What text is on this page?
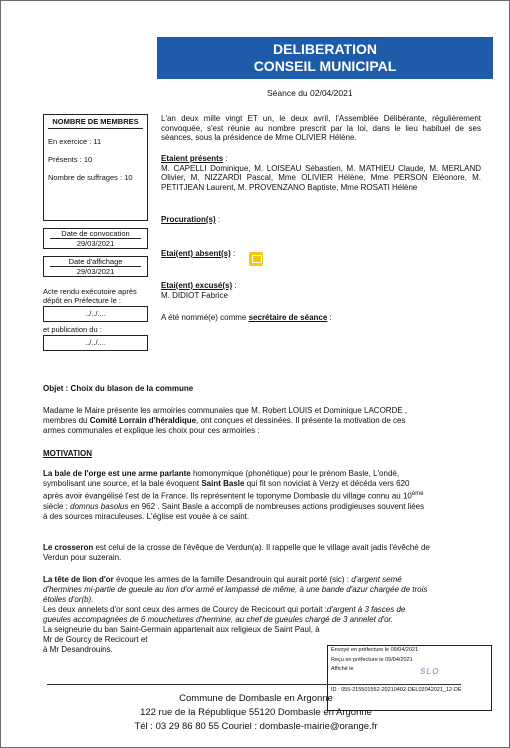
DELIBERATION
CONSEIL MUNICIPAL
Séance du 02/04/2021
NOMBRE DE MEMBRES
En exercice : 11
Présents : 10
Nombre de suffrages : 10
Date de convocation
29/03/2021
Date d'affichage
29/03/2021
Acte rendu exécutoire après dépôt en Préfecture le :
../../....
et publication du :
../../....
L'an deux mille vingt ET un, le deux avril, l'Assemblée Délibérante, régulièrement convoquée, s'est réunie au nombre prescrit par la loi, dans le lieu habituel de ses séances, sous la présidence de Mme OLIVIER Hélène.
Etaient présents :
M. CAPELLI Dominique, M. LOISEAU Sébastien, M. MATHIEU Claude, M. MERLAND Olivier, M. NIZZARDI Pascal, Mme OLIVIER Hélène, Mme PERSON Eléonore, M. PETITJEAN Laurent, M. PROVENZANO Baptiste, Mme ROSATI Hélène
Procuration(s) :
Etai(ent) absent(s) :
Etai(ent) excusé(s) :
M. DIDIOT Fabrice
A été nommé(e) comme secrétaire de séance :
Objet : Choix du blason de la commune
Madame le Maire présente les armoiries communales que M. Robert LOUIS et Dominique LACORDE ,
membres du Comité Lorrain d'héraldique, ont conçues et dessinées. Il présente la motivation de ces
armes communales et explique les choix pour ces armoiries :
MOTIVATION
La bale de l'orge est une arme parlante homonymique (phonétique) pour le prénom Basle, L'ondé,
symbolisant une source, et la bale évoquent Saint Basle qui fit son noviciat à Verzy et décéda vers 620
après avoir évangélisé l'est de la France. Ils représentent le toponyme Dombasle du village connu au 10ème
siècle : domnus basolus en 962 . Saint Basle a accompli de nombreuses actions prodigieuses souvent liées
à des sources miraculeuses. L'église est vouée à ce saint.
Le crosseron est celui de la crosse de l'évêque de Verdun(a). Il rappelle que le village avait jadis l'évêché de
Verdun pour suzerain.
La tête de lion d'or évoque les armes de la famille Desandrouin qui aurait porté (sic) : d'argent semé
d'hermines mi-partie de gueule au lion d'or armé et lampassé de même, à une bande d'azur chargée de trois
étoiles d'or(b).
Les deux annelets d'or sont ceux des armes de Courcy de Recicourt qui portait :d'argent à 3 fasces de
gueules accompagnées de 6 mouchetures d'hermine, au chef de gueules chargé de 3 annelet d'or.
La seigneurie du ban Saint-Germain appartenait aux religieux de Saint Paul, à Mr de Gourcy de Recicourt et
à Mr Desandrouins.	Envoyé en préfecture le 09/04/2021
Reçu en préfecture le 09/04/2021
Affiché le	SLO
ID : 055-215501552-20210402-DEL02042021_12-DE
Commune de Dombasle en Argonne
122 rue de la République 55120 Dombasle en Argonne
Tél : 03 29 86 80 55 Couriel : dombasle-mairie@orange.fr
